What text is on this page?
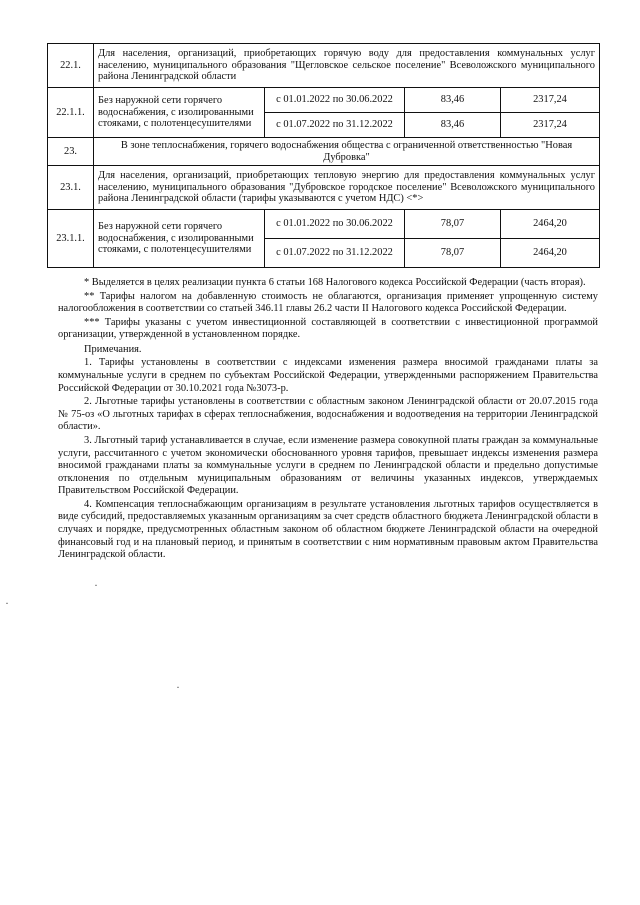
22.1.	Для населения, организаций, приобретающих горячую воду для предоставления коммунальных услуг населению, муниципального образования "Щегловское сельское поселение" Всеволожского муниципального района Ленинградской области			
22.1.1.	Без наружной сети горячего водоснабжения, с изолированными стояками, с полотенцесушителями	с 01.01.2022 по 30.06.2022	83,46	2317,24
		с 01.07.2022 по 31.12.2022	83,46	2317,24
23.	В зоне теплоснабжения, горячего водоснабжения общества с ограниченной ответственностью "Новая Дубровка"			
23.1.	Для населения, организаций, приобретающих тепловую энергию для предоставления коммунальных услуг населению, муниципального образования "Дубровское городское поселение" Всеволожского муниципального района Ленинградской области (тарифы указываются с учетом НДС) <*>			
23.1.1.	Без наружной сети горячего водоснабжения, с изолированными стояками, с полотенцесушителями	с 01.01.2022 по 30.06.2022	78,07	2464,20
		с 01.07.2022 по 31.12.2022	78,07	2464,20

* Выделяется в целях реализации пункта 6 статьи 168 Налогового кодекса Российской Федерации (часть вторая).

** Тарифы налогом на добавленную стоимость не облагаются, организация применяет упрощенную систему налогообложения в соответствии со статьей 346.11 главы 26.2 части II Налогового кодекса Российской Федерации.

*** Тарифы указаны с учетом инвестиционной составляющей в соответствии с инвестиционной программой организации, утвержденной в установленном порядке.

Примечания.

1. Тарифы установлены в соответствии с индексами изменения размера вносимой гражданами платы за коммунальные услуги в среднем по субъектам Российской Федерации, утвержденными распоряжением Правительства Российской Федерации от 30.10.2021 года №3073-р.

2. Льготные тарифы установлены в соответствии с областным законом Ленинградской области от 20.07.2015 года № 75-оз «О льготных тарифах в сферах теплоснабжения, водоснабжения и водоотведения на территории Ленинградской области».

3. Льготный тариф устанавливается в случае, если изменение размера совокупной платы граждан за коммунальные услуги, рассчитанного с учетом экономически обоснованного уровня тарифов, превышает индексы изменения размера вносимой гражданами платы за коммунальные услуги в среднем по Ленинградской области и предельно допустимые отклонения по отдельным муниципальным образованиям от величины указанных индексов, утверждаемых Правительством Российской Федерации.

4. Компенсация теплоснабжающим организациям в результате установления льготных тарифов осуществляется в виде субсидий, предоставляемых указанным организациям за счет средств областного бюджета Ленинградской области в случаях и порядке, предусмотренных областным законом об областном бюджете Ленинградской области на очередной финансовый год и на плановый период, и принятым в соответствии с ним нормативным правовым актом Правительства Ленинградской области.

·
·
·
